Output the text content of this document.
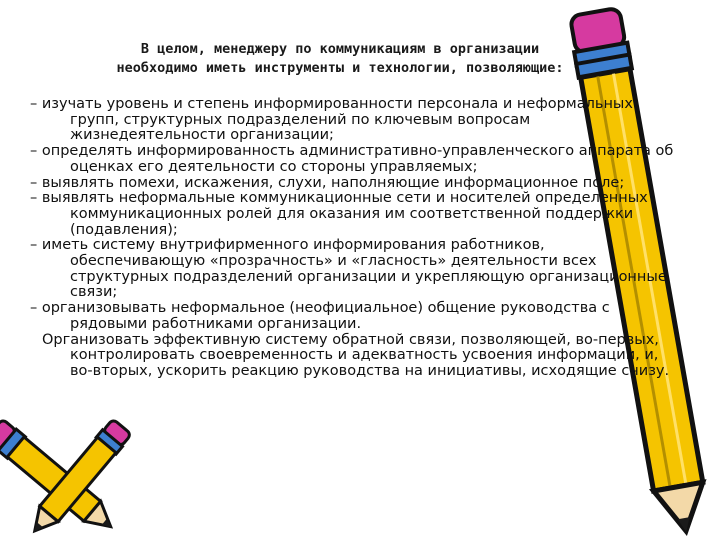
В целом, менеджеру по коммуникациям в организации
необходимо иметь инструменты и технологии, позволяющие:

– изучать уровень и степень информированности персонала и неформальных групп, структурных подразделений по ключевым вопросам жизнедеятельности организации;

– определять информированность административно-управленческого аппарата об оценках его деятельности со стороны управляемых;

– выявлять помехи, искажения, слухи, наполняющие информационное поле;

– выявлять неформальные коммуникационные сети и носителей определенных коммуникационных ролей для оказания им соответственной поддержки (подавления);

– иметь систему внутрифирменного информирования работников, обеспечивающую «прозрачность» и «гласность» деятельности всех структурных подразделений организации и укрепляющую организационные связи;

– организовывать неформальное (неофициальное) общение руководства с рядовыми работниками организации.

Организовать эффективную систему обратной связи, позволяющей, во-первых, контролировать своевременность и адекватность усвоения информации, и, во-вторых, ускорить реакцию руководства на инициативы, исходящие снизу.
